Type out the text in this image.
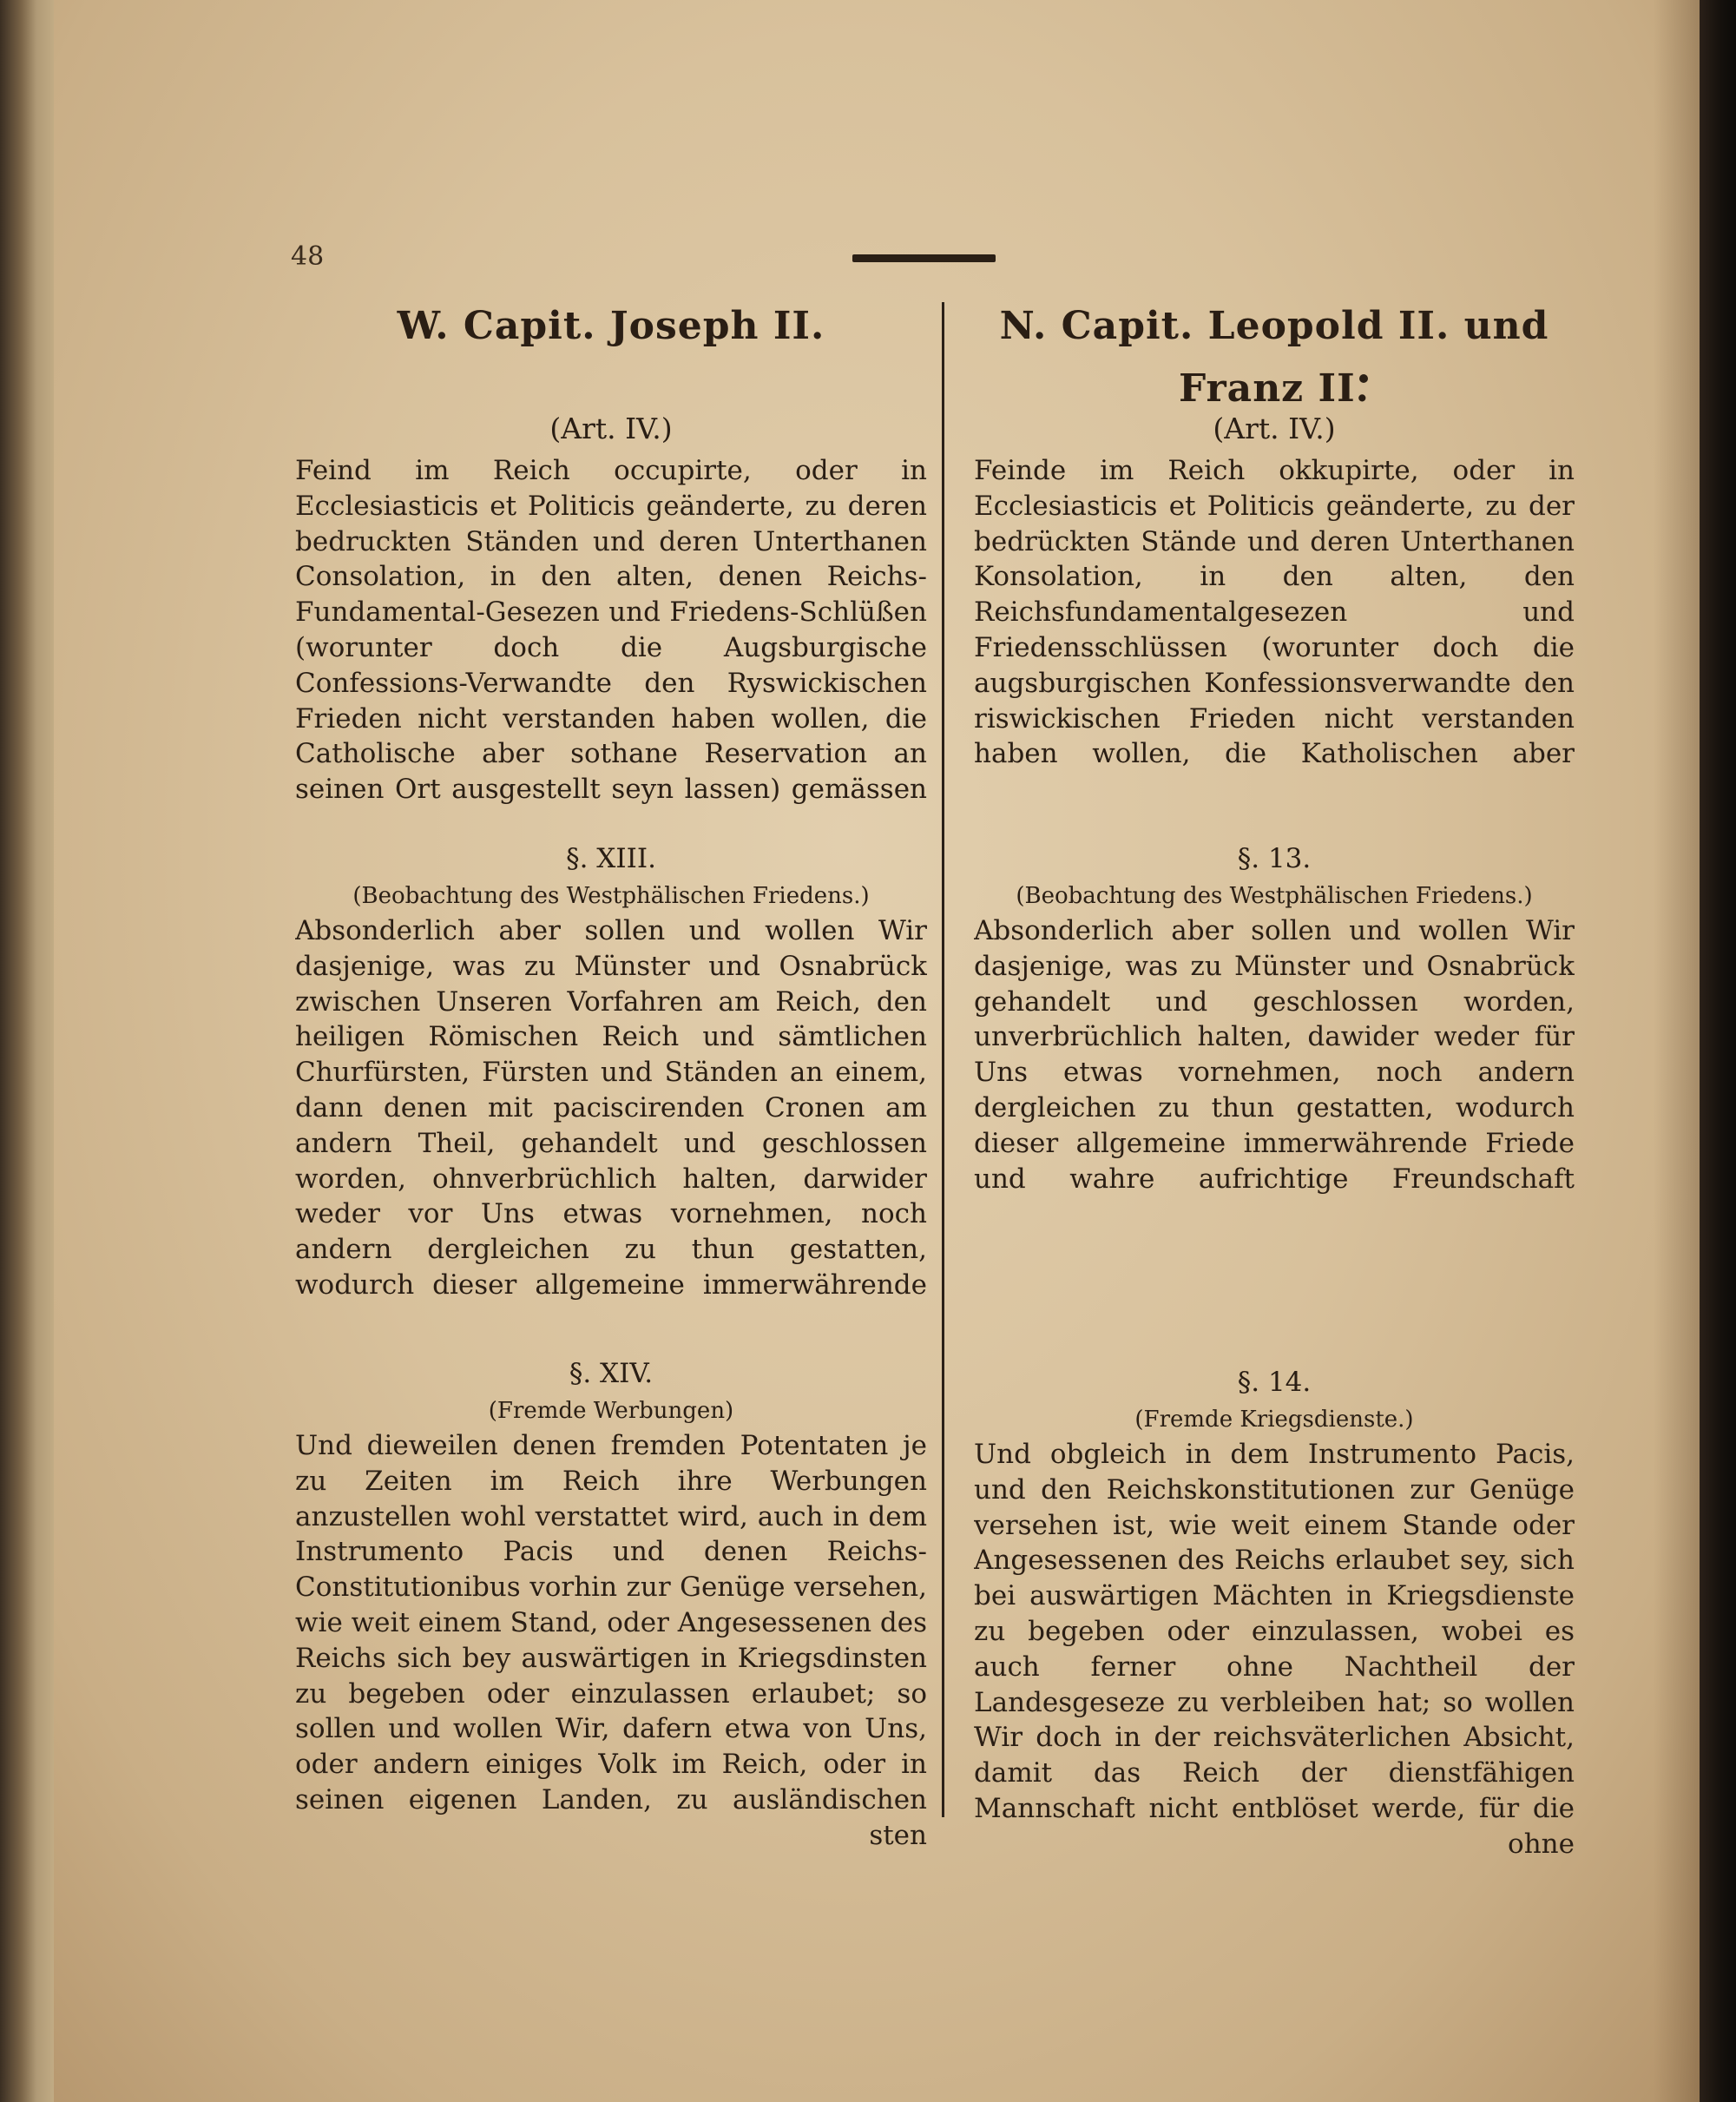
48
W. Capit. Joseph II.

(Art. IV.)

Feind im Reich occupirte, oder in Ecclesiasticis et Politicis geänderte, zu deren bedruckten Ständen und deren Unterthanen Consolation, in den alten, denen Reichs-Fundamental-Gesezen und Friedens-Schlüßen (worunter doch die Augsburgische Confessions-Verwandte den Ryswickischen Frieden nicht verstanden haben wollen, die Catholische aber sothane Reservation an seinen Ort ausgestellt seyn lassen) gemässen

§. XIII.

(Beobachtung des Westphälischen Friedens.)

Absonderlich aber sollen und wollen Wir dasjenige, was zu Münster und Osnabrück zwischen Unseren Vorfahren am Reich, den heiligen Römischen Reich und sämtlichen Churfürsten, Fürsten und Ständen an einem, dann denen mit paciscirenden Cronen am andern Theil, gehandelt und geschlossen worden, ohnverbrüchlich halten, darwider weder vor Uns etwas vornehmen, noch andern dergleichen zu thun gestatten, wodurch dieser allgemeine immerwährende

§. XIV.

(Fremde Werbungen)

Und dieweilen denen fremden Potentaten je zu Zeiten im Reich ihre Werbungen anzustellen wohl verstattet wird, auch in dem Instrumento Pacis und denen Reichs-Constitutionibus vorhin zur Genüge versehen, wie weit einem Stand, oder Angesessenen des Reichs sich bey auswärtigen in Kriegsdinsten zu begeben oder einzulassen erlaubet; so sollen und wollen Wir, dafern etwa von Uns, oder andern einiges Volk im Reich, oder in seinen eigenen Landen, zu ausländischen

sten

N. Capit. Leopold II. und Franz II.

(Art. IV.)

Feinde im Reich okkupirte, oder in Ecclesiasticis et Politicis geänderte, zu der bedrückten Stände und deren Unterthanen Konsolation, in den alten, den Reichsfundamentalgesezen und Friedensschlüssen (worunter doch die augsburgischen Konfessionsverwandte den riswickischen Frieden nicht verstanden haben wollen, die Katholischen aber

§. 13.

(Beobachtung des Westphälischen Friedens.)

Absonderlich aber sollen und wollen Wir dasjenige, was zu Münster und Osnabrück gehandelt und geschlossen worden, unverbrüchlich halten, dawider weder für Uns etwas vornehmen, noch andern dergleichen zu thun gestatten, wodurch dieser allgemeine immerwährende Friede und wahre aufrichtige Freundschaft

§. 14.

(Fremde Kriegsdienste.)

Und obgleich in dem Instrumento Pacis, und den Reichskonstitutionen zur Genüge versehen ist, wie weit einem Stande oder Angesessenen des Reichs erlaubet sey, sich bei auswärtigen Mächten in Kriegsdienste zu begeben oder einzulassen, wobei es auch ferner ohne Nachtheil der Landesgeseze zu verbleiben hat; so wollen Wir doch in der reichsväterlichen Absicht, damit das Reich der dienstfähigen Mannschaft nicht entblöset werde, für die

ohne
